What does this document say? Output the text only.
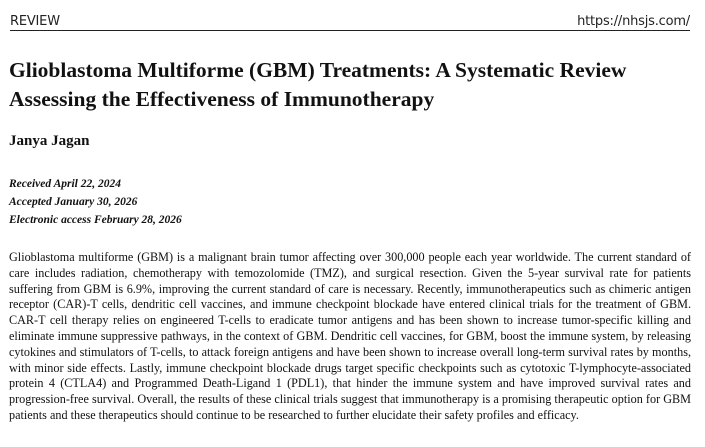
REVIEW	https://nhsjs.com/
Glioblastoma Multiforme (GBM) Treatments: A Systematic Review Assessing the Effectiveness of Immunotherapy

Janya Jagan

Received April 22, 2024
Accepted January 30, 2026
Electronic access February 28, 2026

Glioblastoma multiforme (GBM) is a malignant brain tumor affecting over 300,000 people each year worldwide. The current standard of care includes radiation, chemotherapy with temozolomide (TMZ), and surgical resection. Given the 5-year survival rate for patients suffering from GBM is 6.9%, improving the current standard of care is necessary. Recently, immunotherapeutics such as chimeric antigen receptor (CAR)-T cells, dendritic cell vaccines, and immune checkpoint blockade have entered clinical trials for the treatment of GBM. CAR-T cell therapy relies on engineered T-cells to eradicate tumor antigens and has been shown to increase tumor-specific killing and eliminate immune suppressive pathways, in the context of GBM. Dendritic cell vaccines, for GBM, boost the immune system, by releasing cytokines and stimulators of T-cells, to attack foreign antigens and have been shown to increase overall long-term survival rates by months, with minor side effects. Lastly, immune checkpoint blockade drugs target specific checkpoints such as cytotoxic T-lymphocyte-associated protein 4 (CTLA4) and Programmed Death-Ligand 1 (PDL1), that hinder the immune system and have improved survival rates and progression-free survival. Overall, the results of these clinical trials suggest that immunotherapy is a promising therapeutic option for GBM patients and these therapeutics should continue to be researched to further elucidate their safety profiles and efficacy.
